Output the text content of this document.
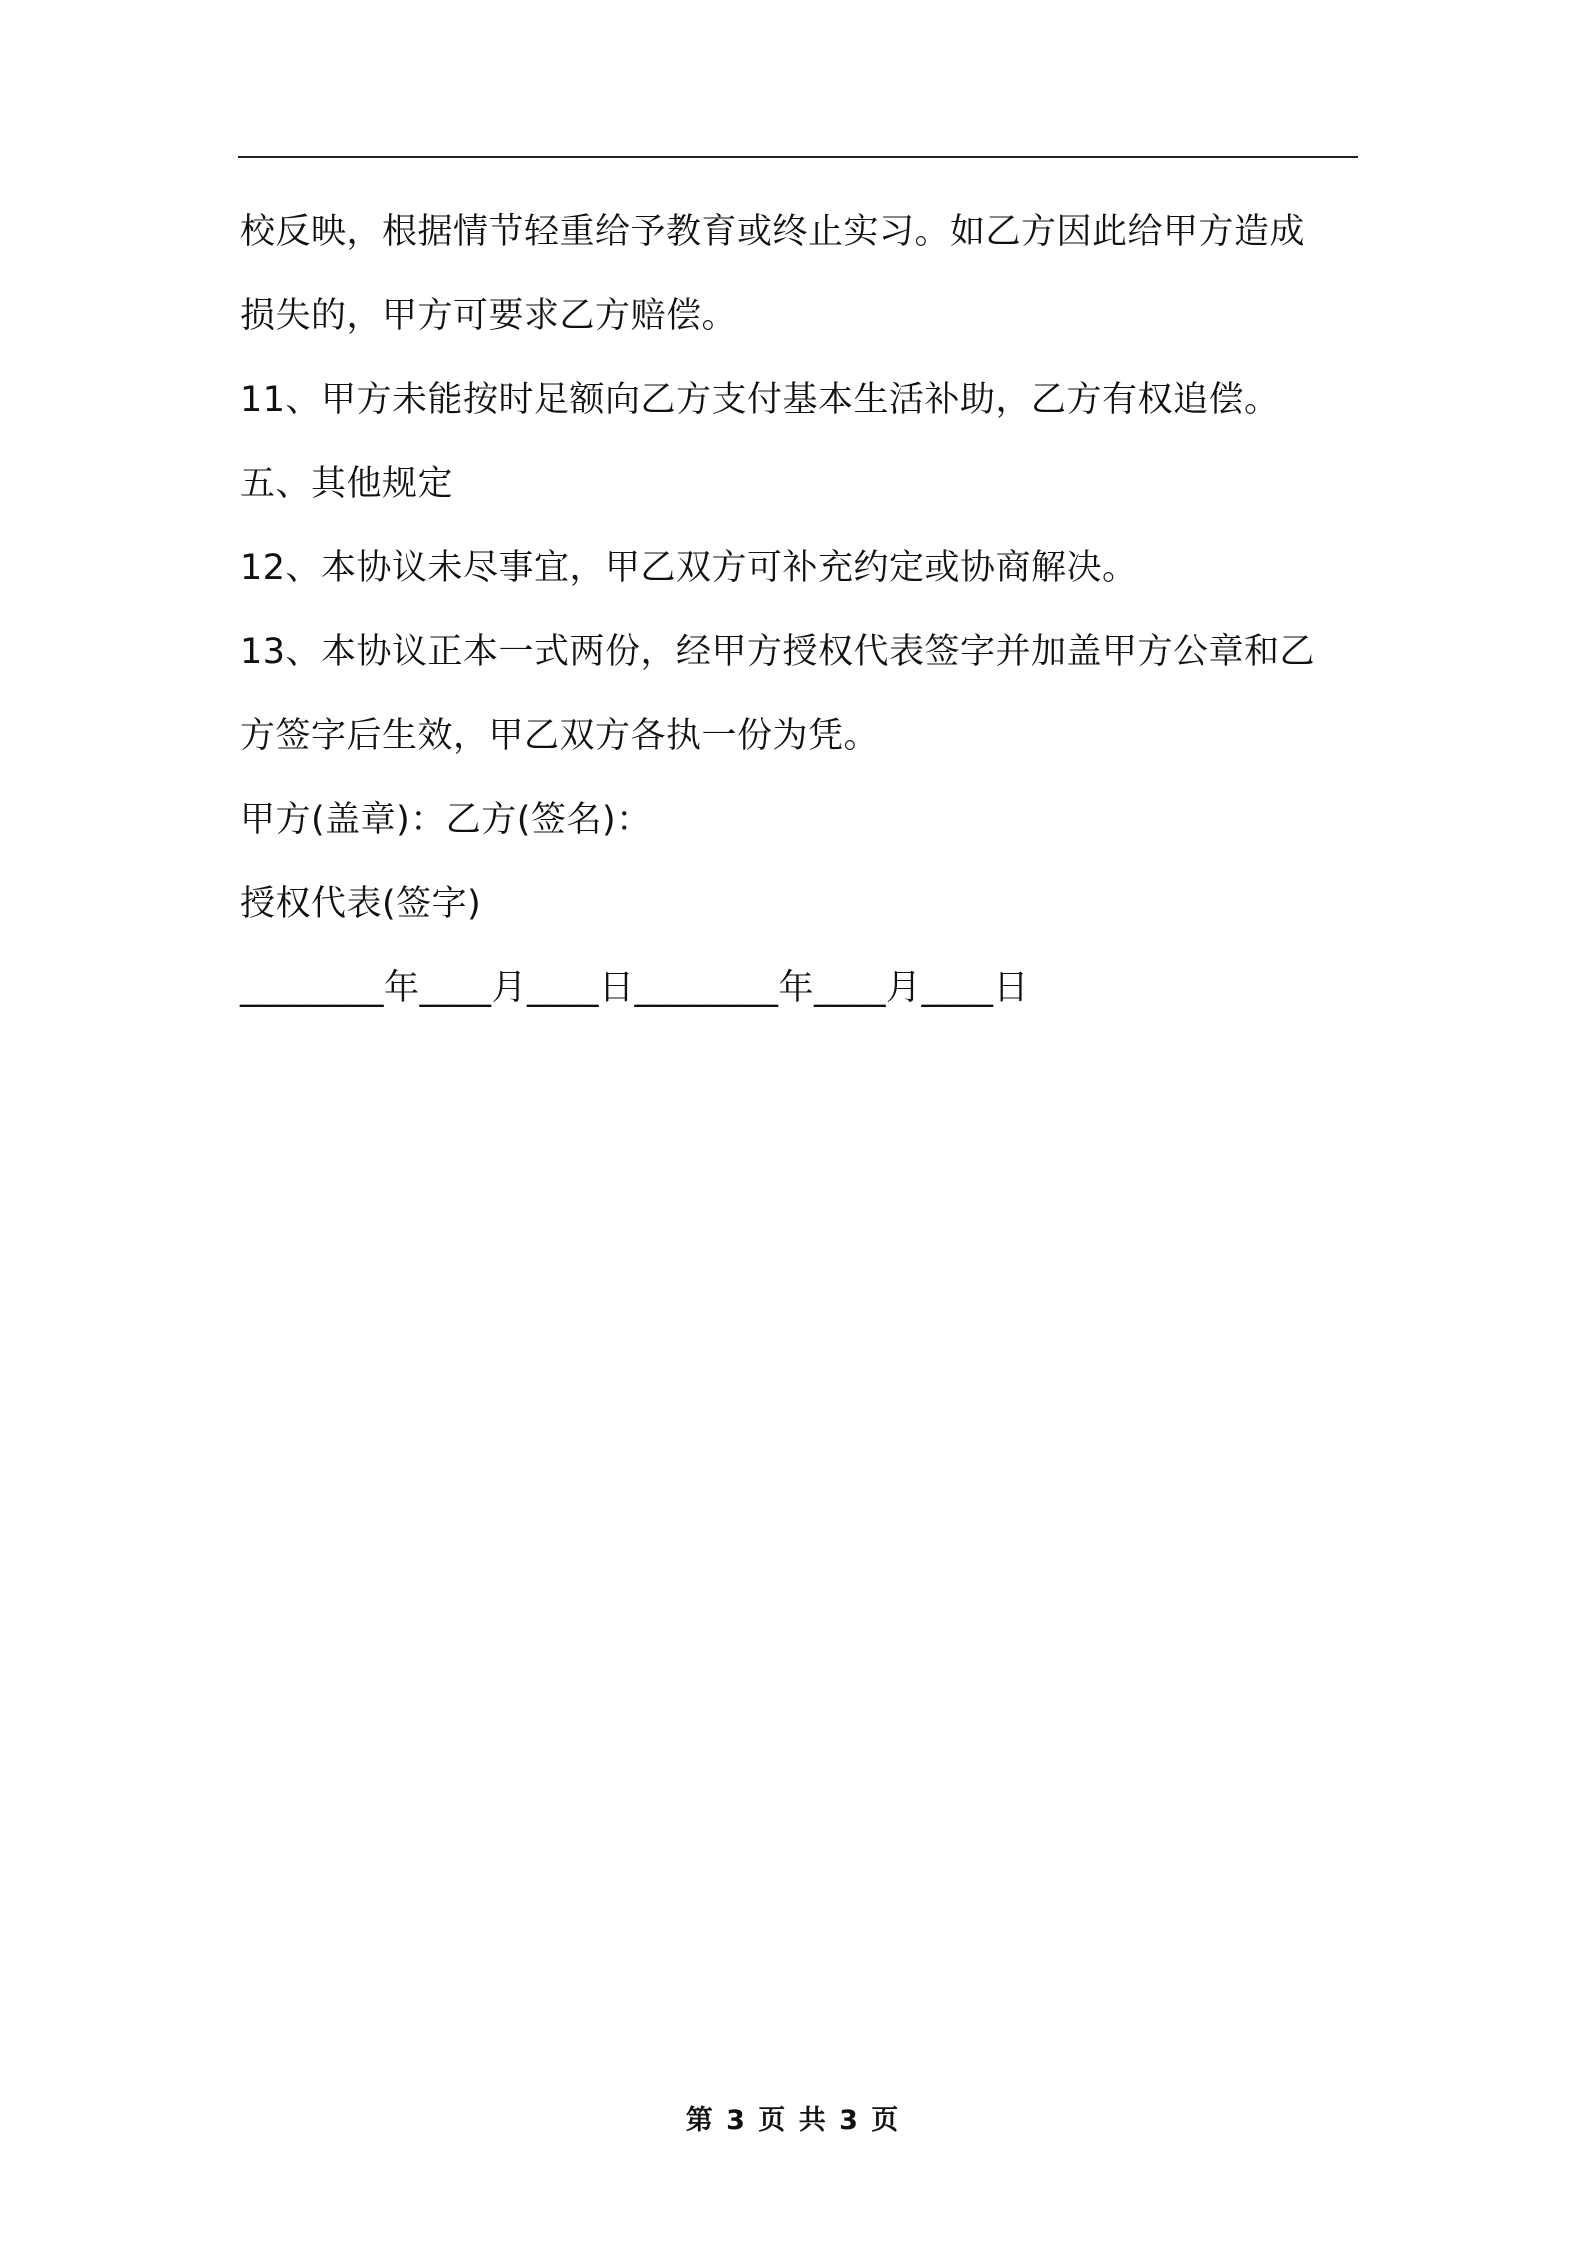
校反映，根据情节轻重给予教育或终止实习。如乙方因此给甲方造成
损失的，甲方可要求乙方赔偿。
11、甲方未能按时足额向乙方支付基本生活补助，乙方有权追偿。
五、其他规定
12、本协议未尽事宜，甲乙双方可补充约定或协商解决。
13、本协议正本一式两份，经甲方授权代表签字并加盖甲方公章和乙
方签字后生效，甲乙双方各执一份为凭。
甲方(盖章)：乙方(签名)：
授权代表(签字)
________年____月____日________年____月____日
第 3 页 共 3 页
